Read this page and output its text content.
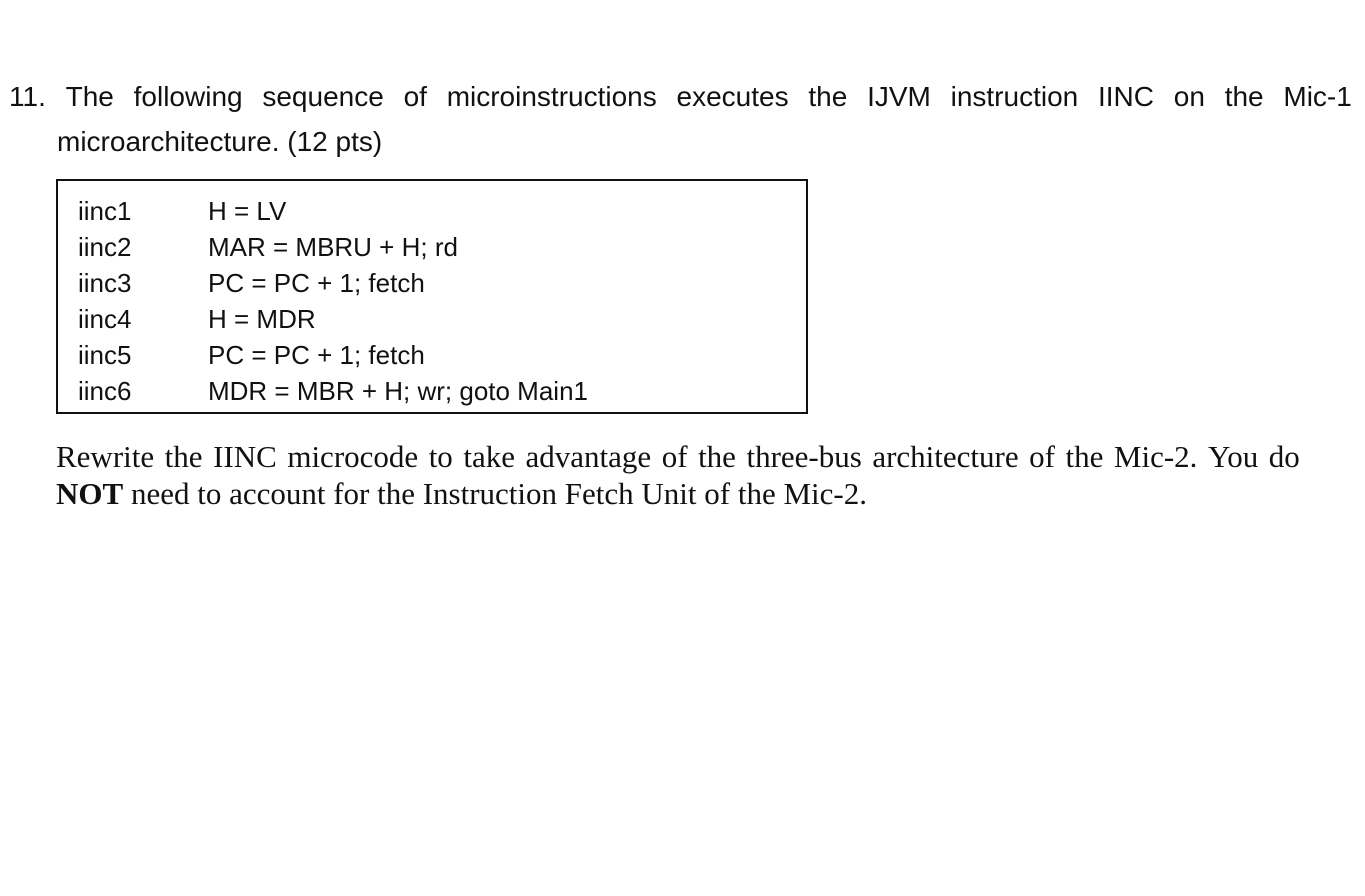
11. The following sequence of microinstructions executes the IJVM instruction IINC on the Mic-1
microarchitecture. (12 pts)
iinc1	H = LV
iinc2	MAR = MBRU + H; rd
iinc3	PC = PC + 1; fetch
iinc4	H = MDR
iinc5	PC = PC + 1; fetch
iinc6	MDR = MBR + H; wr; goto Main1
Rewrite the IINC microcode to take advantage of the three-bus architecture of the Mic-2. You do
NOT need to account for the Instruction Fetch Unit of the Mic-2.
